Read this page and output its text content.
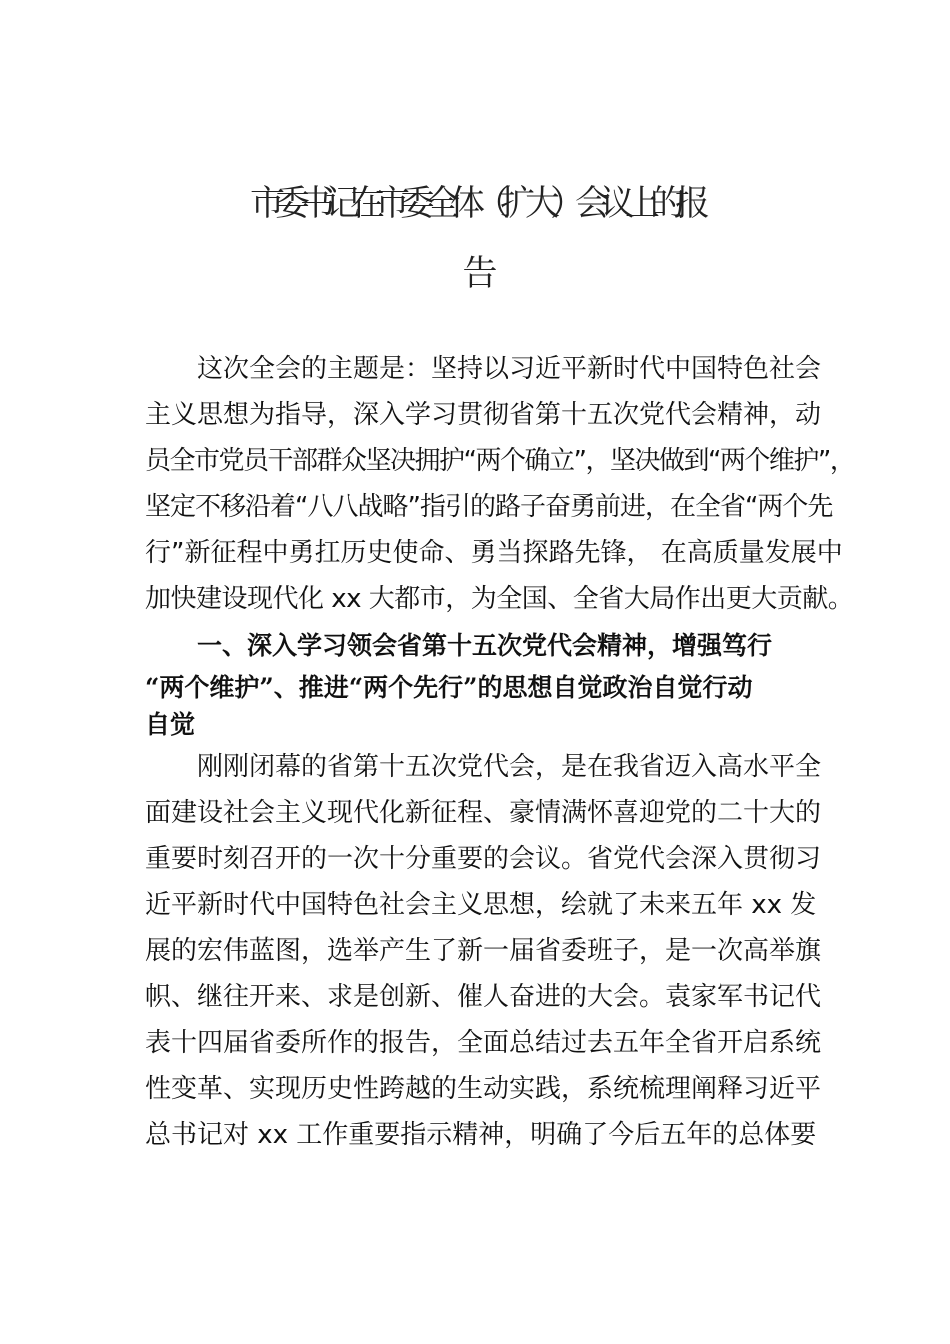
市委书记在市委全体（扩大）会议上的报
告
这次全会的主题是：坚持以习近平新时代中国特色社会
主义思想为指导，深入学习贯彻省第十五次党代会精神，动
员全市党员干部群众坚决拥护“两个确立”，坚决做到“两个维护”，
坚定不移沿着“八八战略”指引的路子奋勇前进，在全省“两个先
行”新征程中勇扛历史使命、勇当探路先锋， 在高质量发展中
加快建设现代化 xx 大都市，为全国、全省大局作出更大贡献。
一、深入学习领会省第十五次党代会精神，增强笃行
“两个维护”、推进“两个先行”的思想自觉政治自觉行动
自觉
刚刚闭幕的省第十五次党代会，是在我省迈入高水平全
面建设社会主义现代化新征程、豪情满怀喜迎党的二十大的
重要时刻召开的一次十分重要的会议。省党代会深入贯彻习
近平新时代中国特色社会主义思想，绘就了未来五年 xx 发
展的宏伟蓝图，选举产生了新一届省委班子，是一次高举旗
帜、继往开来、求是创新、催人奋进的大会。袁家军书记代
表十四届省委所作的报告，全面总结过去五年全省开启系统
性变革、实现历史性跨越的生动实践，系统梳理阐释习近平
总书记对 xx 工作重要指示精神，明确了今后五年的总体要
